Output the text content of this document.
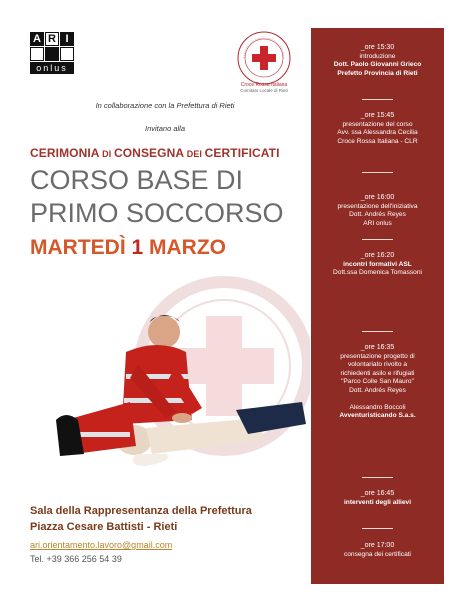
A R I
onlus
Croce Rossa Italiana
Comitato Locale di Rieti
In collaborazione con la Prefettura di Rieti
Invitano alla
CERIMONIA DI CONSEGNA DEI CERTIFICATI
CORSO BASE DI
PRIMO SOCCORSO
MARTEDÌ 1 MARZO
Sala della Rappresentanza della Prefettura
Piazza Cesare Battisti - Rieti
ari.orientamento.lavoro@gmail.com
Tel. +39 366 256 54 39
_ore 15:30
introduzione
Dott. Paolo Giovanni Grieco
Prefetto Provincia di Rieti
_ore 15:45
presentazione del corso
Avv. ssa Alessandra Cecilia
Croce Rossa Italiana - CLR
_ore 16:00
presentazione dell'iniziativa
Dott. Andrés Reyes
ARI onlus
_ore 16:20
incontri formativi ASL
Dott.ssa Domenica Tomassoni
_ore 16:35
presentazione progetto di
volontariato rivolto a
richiedenti asilo e rifugiati
"Parco Colle San Mauro"
Dott. Andrés Reyes
Alessandro Boccoli
Avventuristicando S.a.s.
_ore 16:45
interventi degli allievi
_ore 17:00
consegna dei certificati
